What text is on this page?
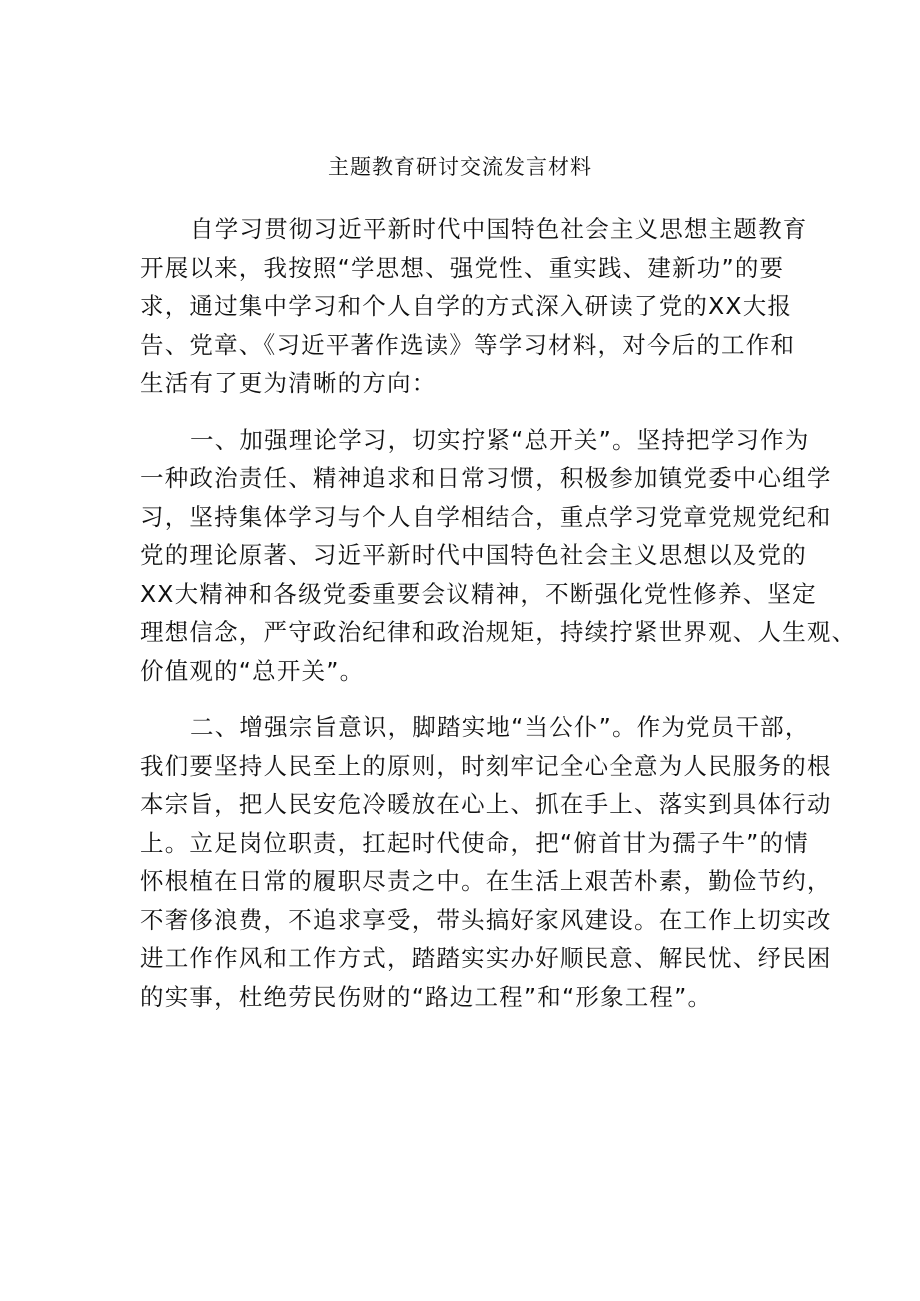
主题教育研讨交流发言材料

自学习贯彻习近平新时代中国特色社会主义思想主题教育
开展以来，我按照“学思想、强党性、重实践、建新功”的要
求，通过集中学习和个人自学的方式深入研读了党的XX大报
告、党章、《习近平著作选读》等学习材料，对今后的工作和
生活有了更为清晰的方向：

一、加强理论学习，切实拧紧“总开关”。坚持把学习作为
一种政治责任、精神追求和日常习惯，积极参加镇党委中心组学
习，坚持集体学习与个人自学相结合，重点学习党章党规党纪和
党的理论原著、习近平新时代中国特色社会主义思想以及党的
XX大精神和各级党委重要会议精神，不断强化党性修养、坚定
理想信念，严守政治纪律和政治规矩，持续拧紧世界观、人生观、
价值观的“总开关”。

二、增强宗旨意识，脚踏实地“当公仆”。作为党员干部，
我们要坚持人民至上的原则，时刻牢记全心全意为人民服务的根
本宗旨，把人民安危冷暖放在心上、抓在手上、落实到具体行动
上。立足岗位职责，扛起时代使命，把“俯首甘为孺子牛”的情
怀根植在日常的履职尽责之中。在生活上艰苦朴素，勤俭节约，
不奢侈浪费，不追求享受，带头搞好家风建设。在工作上切实改
进工作作风和工作方式，踏踏实实办好顺民意、解民忧、纾民困
的实事，杜绝劳民伤财的“路边工程”和“形象工程”。
